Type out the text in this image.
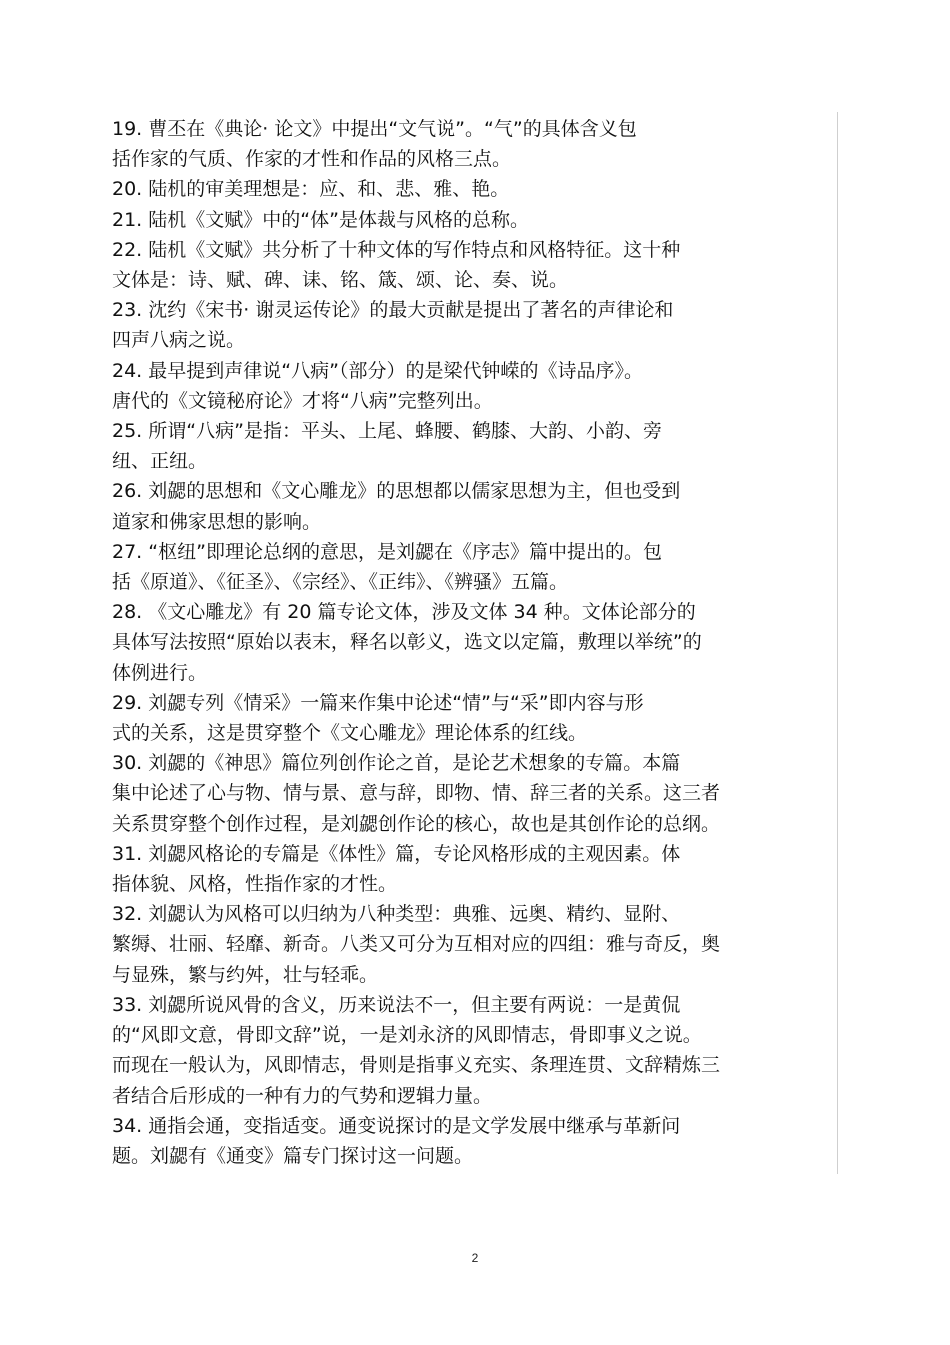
19. 曹丕在《典论· 论文》中提出“文气说”。“气”的具体含义包
括作家的气质、作家的才性和作品的风格三点。

20. 陆机的审美理想是：应、和、悲、雅、艳。

21. 陆机《文赋》中的“体”是体裁与风格的总称。

22. 陆机《文赋》共分析了十种文体的写作特点和风格特征。这十种
文体是：诗、赋、碑、诔、铭、箴、颂、论、奏、说。

23. 沈约《宋书· 谢灵运传论》的最大贡献是提出了著名的声律论和
四声八病之说。

24. 最早提到声律说“八病”（部分）的是梁代钟嵘的《诗品序》。
唐代的《文镜秘府论》才将“八病”完整列出。

25. 所谓“八病”是指：平头、上尾、蜂腰、鹤膝、大韵、小韵、旁
纽、正纽。

26. 刘勰的思想和《文心雕龙》的思想都以儒家思想为主，但也受到
道家和佛家思想的影响。

27. “枢纽”即理论总纲的意思，是刘勰在《序志》篇中提出的。包
括《原道》、《征圣》、《宗经》、《正纬》、《辨骚》五篇。

28. 《文心雕龙》有 20 篇专论文体，涉及文体 34 种。文体论部分的
具体写法按照“原始以表末，释名以彰义，选文以定篇，敷理以举统”的
体例进行。

29. 刘勰专列《情采》一篇来作集中论述“情”与“采”即内容与形
式的关系，这是贯穿整个《文心雕龙》理论体系的红线。

30. 刘勰的《神思》篇位列创作论之首，是论艺术想象的专篇。本篇
集中论述了心与物、情与景、意与辞，即物、情、辞三者的关系。这三者
关系贯穿整个创作过程，是刘勰创作论的核心，故也是其创作论的总纲。

31. 刘勰风格论的专篇是《体性》篇，专论风格形成的主观因素。体
指体貌、风格，性指作家的才性。

32. 刘勰认为风格可以归纳为八种类型：典雅、远奥、精约、显附、
繁缛、壮丽、轻靡、新奇。八类又可分为互相对应的四组：雅与奇反，奥
与显殊，繁与约舛，壮与轻乖。

33. 刘勰所说风骨的含义，历来说法不一，但主要有两说：一是黄侃
的“风即文意，骨即文辞”说，一是刘永济的风即情志，骨即事义之说。
而现在一般认为，风即情志，骨则是指事义充实、条理连贯、文辞精炼三
者结合后形成的一种有力的气势和逻辑力量。

34. 通指会通，变指适变。通变说探讨的是文学发展中继承与革新问
题。刘勰有《通变》篇专门探讨这一问题。

2
